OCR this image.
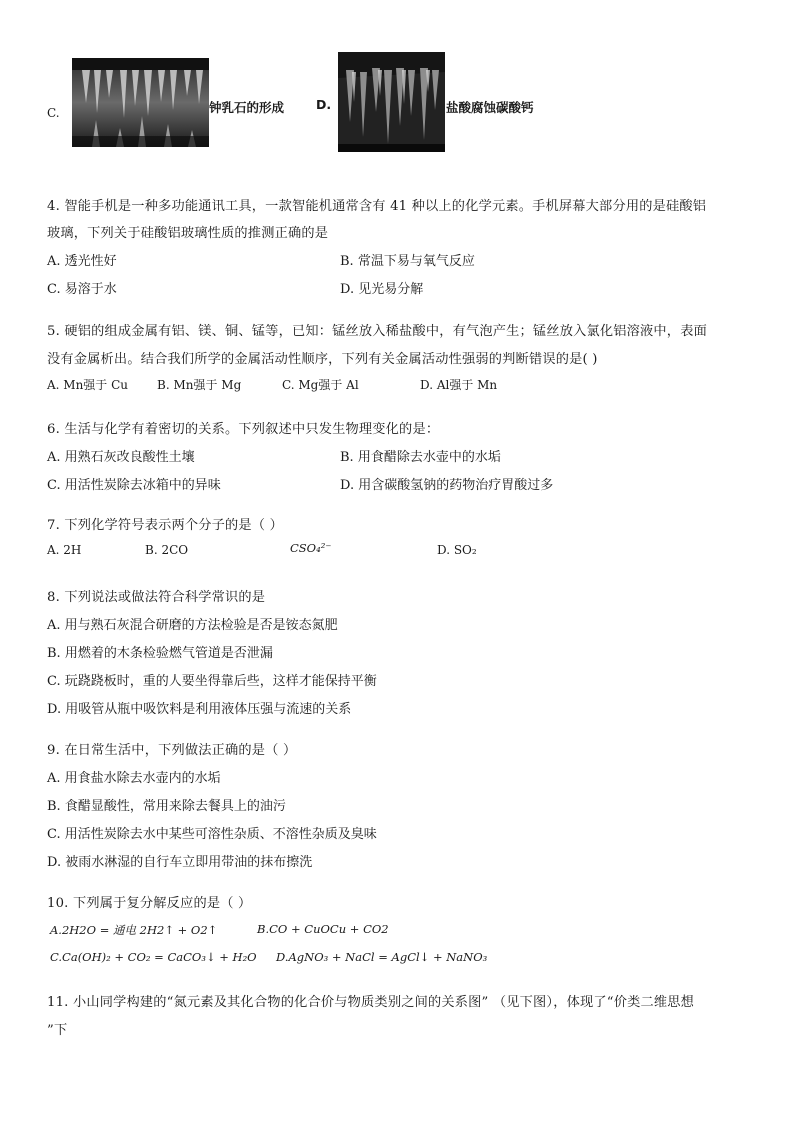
C.	钟乳石的形成	D.	盐酸腐蚀碳酸钙
4. 智能手机是一种多功能通讯工具，一款智能机通常含有 41 种以上的化学元素。手机屏幕大部分用的是硅酸铝
玻璃，下列关于硅酸铝玻璃性质的推测正确的是
A. 透光性好	B. 常温下易与氧气反应
C. 易溶于水	D. 见光易分解
5. 硬铝的组成金属有铝、镁、铜、锰等，已知：锰丝放入稀盐酸中，有气泡产生；锰丝放入氯化铝溶液中，表面
没有金属析出。结合我们所学的金属活动性顺序，下列有关金属活动性强弱的判断错误的是( )
A. Mn强于 Cu B. Mn强于 Mg	C. Mg强于 Al	D. Al强于 Mn
6. 生活与化学有着密切的关系。下列叙述中只发生物理变化的是：
A. 用熟石灰改良酸性土壤	B. 用食醋除去水壶中的水垢
C. 用活性炭除去冰箱中的异味	D. 用含碳酸氢钠的药物治疗胃酸过多
7. 下列化学符号表示两个分子的是（ ）
A. 2H	B. 2CO	CSO₄²⁻	D. SO₂
8. 下列说法或做法符合科学常识的是
A. 用与熟石灰混合研磨的方法检验是否是铵态氮肥
B. 用燃着的木条检验燃气管道是否泄漏
C. 玩跷跷板时，重的人要坐得靠后些，这样才能保持平衡
D. 用吸管从瓶中吸饮料是利用液体压强与流速的关系
9. 在日常生活中，下列做法正确的是（ ）
A. 用食盐水除去水壶内的水垢
B. 食醋显酸性，常用来除去餐具上的油污
C. 用活性炭除去水中某些可溶性杂质、不溶性杂质及臭味
D. 被雨水淋湿的自行车立即用带油的抹布擦洗
10. 下列属于复分解反应的是（ ）
A.2H2O = 通电 2H2↑ + O2↑	B.CO + CuOCu + CO2
C.Ca(OH)₂ + CO₂ = CaCO₃↓ + H₂O D.AgNO₃ + NaCl = AgCl↓ + NaNO₃
11. 小山同学构建的“氮元素及其化合物的化合价与物质类别之间的关系图” （见下图），体现了“价类二维思想
”下
